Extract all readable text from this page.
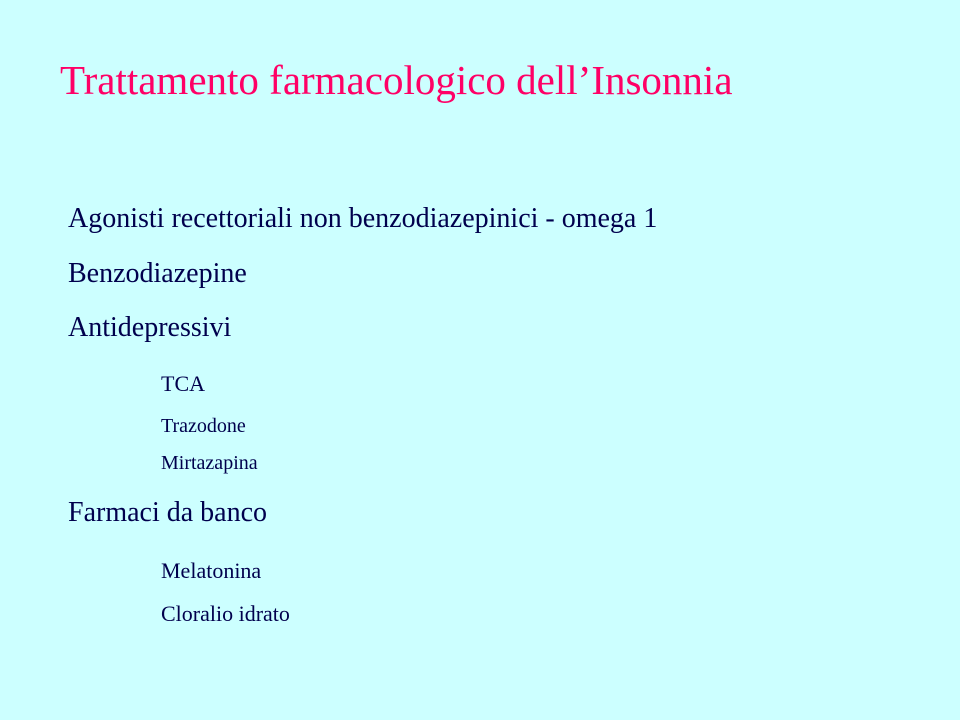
Trattamento farmacologico dell’Insonnia
Agonisti recettoriali non benzodiazepinici - omega 1
Benzodiazepine
Antidepressivi
TCA
Trazodone
Mirtazapina
Farmaci da banco
Melatonina
Cloralio idrato
